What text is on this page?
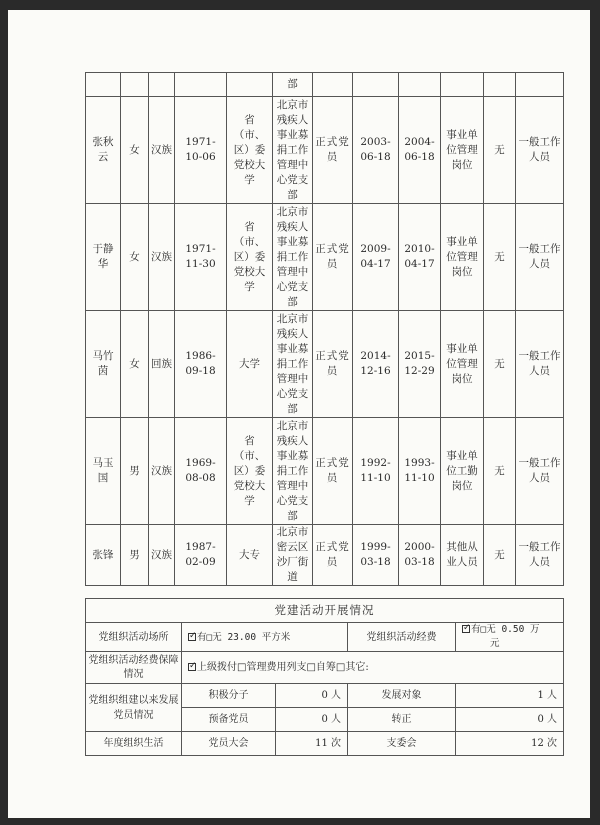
					部						
张秋云	女	汉族	1971-10-06	省（市、区）委党校大学	北京市残疾人事业募捐工作管理中心党支部	正式党员	2003-06-18	2004-06-18	事业单位管理岗位	无	一般工作人员
于静华	女	汉族	1971-11-30	省（市、区）委党校大学	北京市残疾人事业募捐工作管理中心党支部	正式党员	2009-04-17	2010-04-17	事业单位管理岗位	无	一般工作人员
马竹茵	女	回族	1986-09-18	大学	北京市残疾人事业募捐工作管理中心党支部	正式党员	2014-12-16	2015-12-29	事业单位管理岗位	无	一般工作人员
马玉国	男	汉族	1969-08-08	省（市、区）委党校大学	北京市残疾人事业募捐工作管理中心党支部	正式党员	1992-11-10	1993-11-10	事业单位工勤岗位	无	一般工作人员
张锋	男	汉族	1987-02-09	大专	北京市密云区沙厂街道	正式党员	1999-03-18	2000-03-18	其他从业人员	无	一般工作人员
党建活动开展情况				
党组织活动场所	✓有□无 23.00 平方米		党组织活动经费	✓有□无 0.50 万
元
党组织活动经费保障情况	✓上级拨付□管理费用列支□自筹□其它:
党组织组建以来发展党员情况	积极分子	0 人	发展对象	1 人
	预备党员	0 人	转正	0 人
年度组织生活	党员大会	11 次	支委会	12 次
